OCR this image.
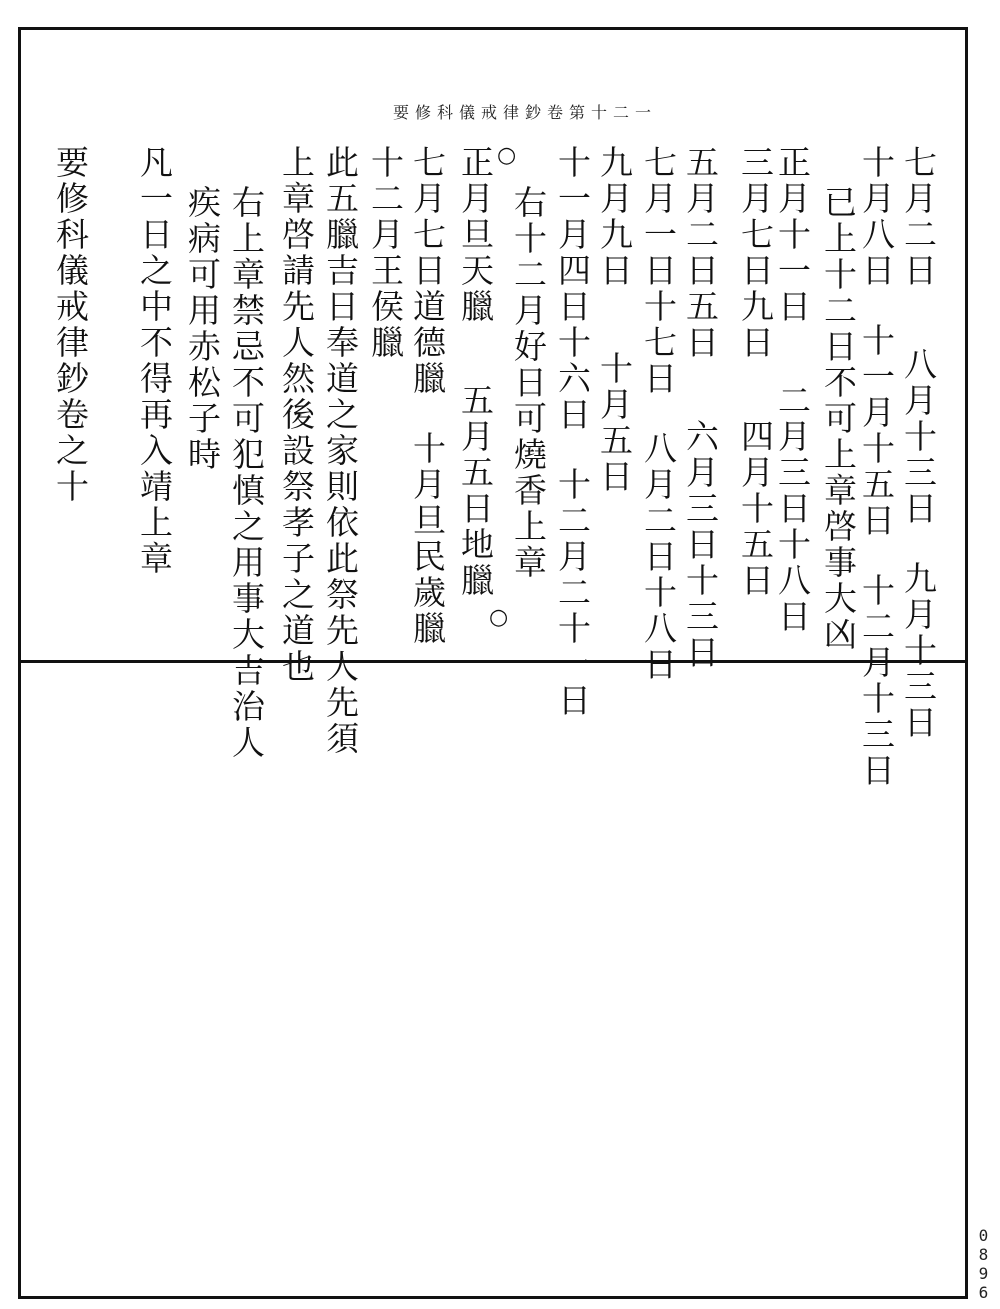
要修科儀戒律鈔卷第十二一
○
○
七月二日八月十三日九月十三日
十月八日十一月十五日十二月十三日
已上十二日不可上章啓事大凶
正月十一日二月三日十八日
三月七日九日四月十五日
五月二日五日六月三日十三日
七月一日十七日八月二日十八日
九月九日十月五日
十一月四日十六日十二月二十一日
右十二月好日可燒香上章
正月旦天臘五月五日地臘
七月七日道德臘十月旦民歲臘
十二月王侯臘
此五臘吉日奉道之家則依此祭先人先須
上章啓請先人然後設祭孝子之道也
右上章禁忌不可犯慎之用事大吉治人
疾病可用赤松子時
凡一日之中不得再入靖上章
要修科儀戒律鈔卷之十
0896
